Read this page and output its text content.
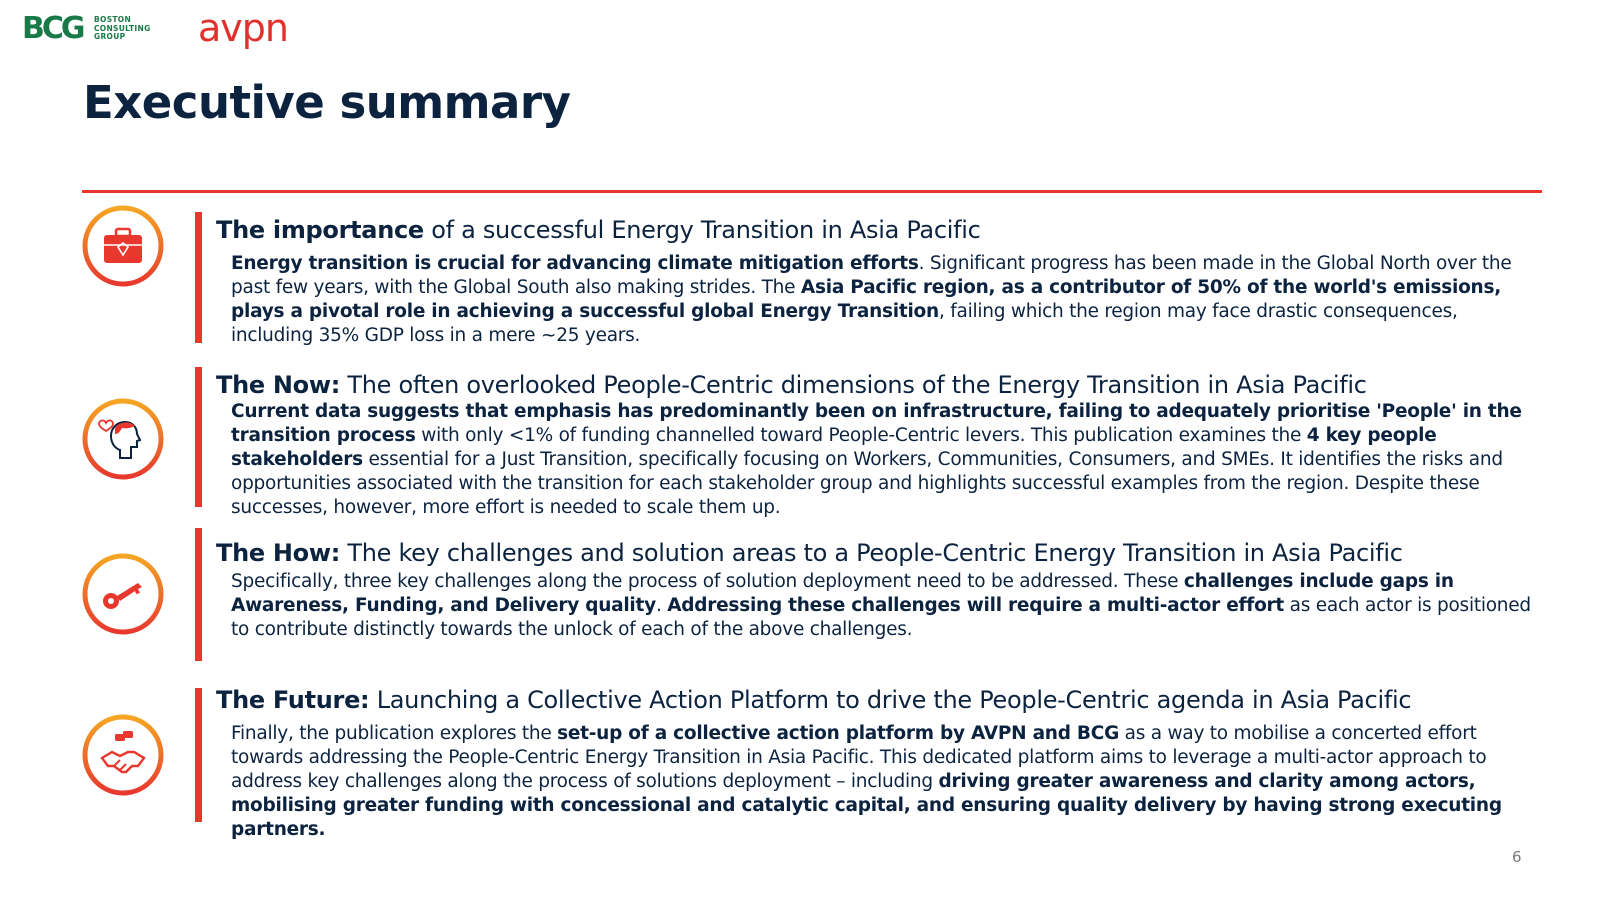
BCG BOSTON
CONSULTING
GROUP	avpn
Executive summary
The importance of a successful Energy Transition in Asia Pacific

Energy transition is crucial for advancing climate mitigation efforts. Significant progress has been made in the Global North over the past few years, with the Global South also making strides. The Asia Pacific region, as a contributor of 50% of the world's emissions, plays a pivotal role in achieving a successful global Energy Transition, failing which the region may face drastic consequences, including 35% GDP loss in a mere ~25 years.

The Now: The often overlooked People-Centric dimensions of the Energy Transition in Asia Pacific

Current data suggests that emphasis has predominantly been on infrastructure, failing to adequately prioritise 'People' in the transition process with only <1% of funding channelled toward People-Centric levers. This publication examines the 4 key people stakeholders essential for a Just Transition, specifically focusing on Workers, Communities, Consumers, and SMEs. It identifies the risks and opportunities associated with the transition for each stakeholder group and highlights successful examples from the region. Despite these successes, however, more effort is needed to scale them up.

The How: The key challenges and solution areas to a People-Centric Energy Transition in Asia Pacific

Specifically, three key challenges along the process of solution deployment need to be addressed. These challenges include gaps in Awareness, Funding, and Delivery quality. Addressing these challenges will require a multi-actor effort as each actor is positioned to contribute distinctly towards the unlock of each of the above challenges.

The Future: Launching a Collective Action Platform to drive the People-Centric agenda in Asia Pacific

Finally, the publication explores the set-up of a collective action platform by AVPN and BCG as a way to mobilise a concerted effort towards addressing the People-Centric Energy Transition in Asia Pacific. This dedicated platform aims to leverage a multi-actor approach to address key challenges along the process of solutions deployment – including driving greater awareness and clarity among actors, mobilising greater funding with concessional and catalytic capital, and ensuring quality delivery by having strong executing partners.

6
